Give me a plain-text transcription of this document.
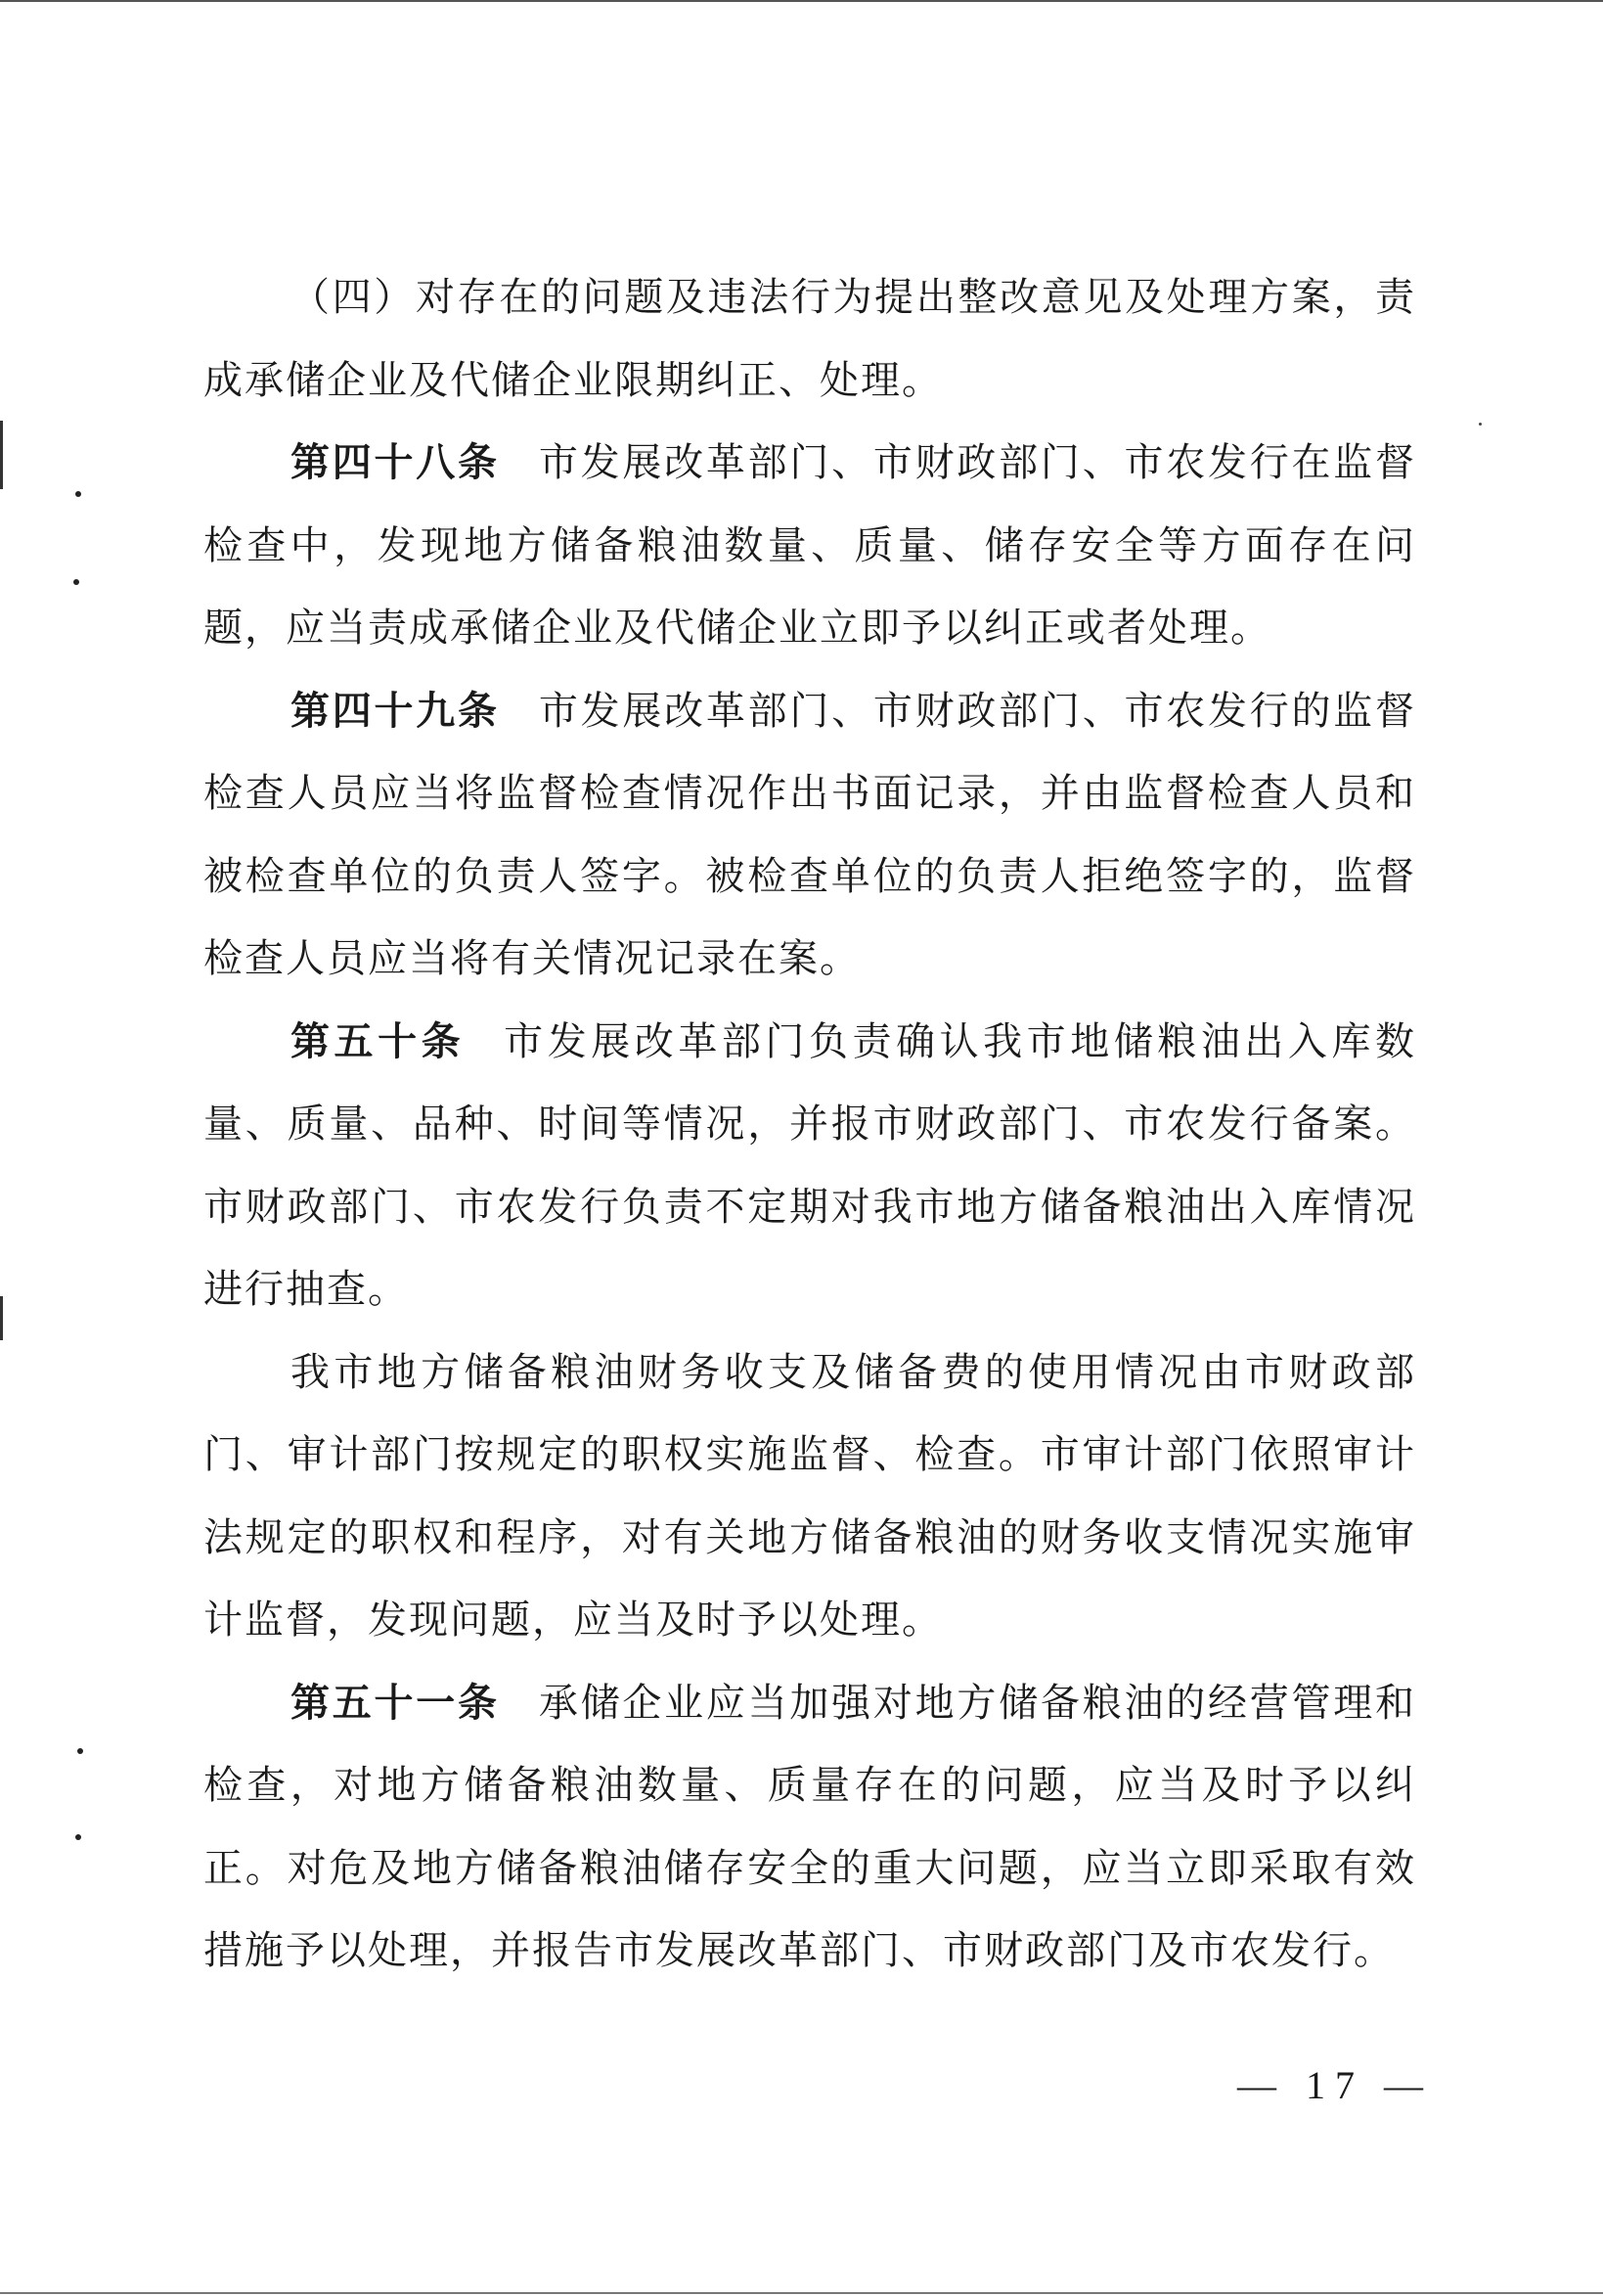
（四）对存在的问题及违法行为提出整改意见及处理方案，责成承储企业及代储企业限期纠正、处理。

第四十八条 市发展改革部门、市财政部门、市农发行在监督检查中，发现地方储备粮油数量、质量、储存安全等方面存在问题，应当责成承储企业及代储企业立即予以纠正或者处理。

第四十九条 市发展改革部门、市财政部门、市农发行的监督检查人员应当将监督检查情况作出书面记录，并由监督检查人员和被检查单位的负责人签字。被检查单位的负责人拒绝签字的，监督检查人员应当将有关情况记录在案。

第五十条 市发展改革部门负责确认我市地储粮油出入库数量、质量、品种、时间等情况，并报市财政部门、市农发行备案。市财政部门、市农发行负责不定期对我市地方储备粮油出入库情况进行抽查。

我市地方储备粮油财务收支及储备费的使用情况由市财政部门、审计部门按规定的职权实施监督、检查。市审计部门依照审计法规定的职权和程序，对有关地方储备粮油的财务收支情况实施审计监督，发现问题，应当及时予以处理。

第五十一条 承储企业应当加强对地方储备粮油的经营管理和检查，对地方储备粮油数量、质量存在的问题，应当及时予以纠正。对危及地方储备粮油储存安全的重大问题，应当立即采取有效措施予以处理，并报告市发展改革部门、市财政部门及市农发行。

— 17 —
